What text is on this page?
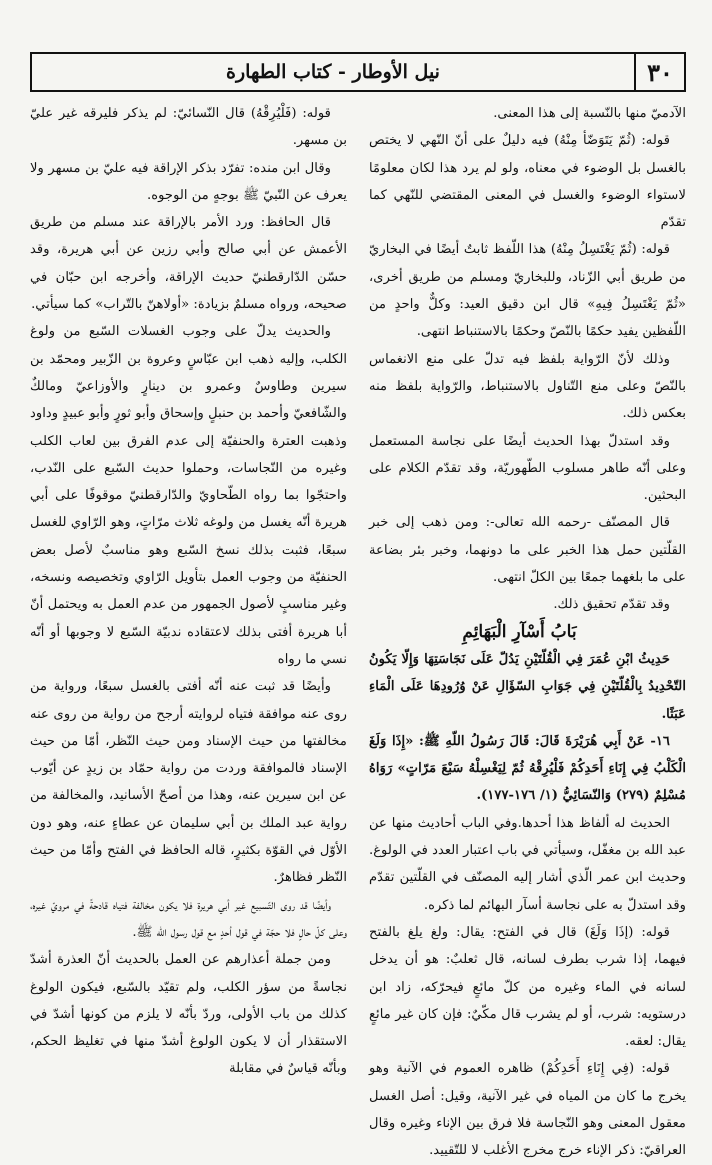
٣٠
نيل الأوطار - كتاب الطهارة

الآدميّ منها بالنّسبة إلى هذا المعنى.

قوله: (ثُمّ يَتَوَضّأ مِنْهُ) فيه دليلٌ على أنّ النّهي لا يختص بالغسل بل الوضوء في معناه، ولو لم يرد هذا لكان معلومًا لاستواء الوضوء والغسل في المعنى المقتضي للنّهي كما تقدّم

قوله: (ثُمّ يَغْتَسِلُ مِنْهُ) هذا اللّفظ ثابتٌ أيضًا في البخاريّ من طريق أبي الزّناد، وللبخاريّ ومسلم من طريق أخرى، «ثُمّ يَغْتَسِلُ فِيهِ» قال ابن دقيق العيد: وكلٌّ واحدٍ من اللّفظين يفيد حكمًا بالنّصّ وحكمًا بالاستنباط انتهى.

وذلك لأنّ الرّواية بلفظ فيه تدلّ على منع الانغماس بالنّصّ وعلى منع التّناول بالاستنباط، والرّواية بلفظ منه بعكس ذلك.

وقد استدلّ بهذا الحديث أيضًا على نجاسة المستعمل وعلى أنّه طاهر مسلوب الطّهوريّة، وقد تقدّم الكلام على البحثين.

قال المصنّف -رحمه الله تعالى-: ومن ذهب إلى خبر القلّتين حمل هذا الخبر على ما دونهما، وخبر بئر بضاعة على ما بلغهما جمعًا بين الكلّ انتهى.

وقد تقدّم تحقيق ذلك.

بَابُ أَسْآرِ الْبَهَائِمِ

حَدِيثُ ابْنِ عُمَرَ فِي الْقُلّتَيْنِ يَدُلّ عَلَى نَجَاسَتِهَا وَإِلّا يَكُونُ التّحْدِيدُ بِالْقُلّتَيْنِ فِي جَوَابِ السّؤَالِ عَنْ وُرُودِهَا عَلَى الْمَاءِ عَبَثًا.

١٦- عَنْ أَبِي هُرَيْرَةَ قَالَ: قَالَ رَسُولُ اللّهِ ﷺ: «إِذَا وَلَغَ الْكَلْبُ فِي إِنَاءِ أَحَدِكُمْ فَلْيُرِقْهُ ثُمّ لِيَغْسِلْهُ سَبْعَ مَرّاتٍ» رَوَاهُ مُسْلِمٌ (٢٧٩) وَالنّسَائِيُّ (١/ ١٧٦-١٧٧).

الحديث له ألفاظ هذا أحدها.وفي الباب أحاديث منها عن عبد الله بن مغفّل، وسيأتي في باب اعتبار العدد في الولوغ. وحديث ابن عمر الّذي أشار إليه المصنّف في القلّتين تقدّم وقد استدلّ به على نجاسة أسآر البهائم لما ذكره.

قوله: (إذَا وَلَغَ) قال في الفتح: يقال: ولغ يلغ بالفتح فيهما، إذا شرب بطرف لسانه، قال ثعلبٌ: هو أن يدخل لسانه في الماء وغيره من كلّ مائعٍ فيحرّكه، زاد ابن درستويه: شرب، أو لم يشرب قال مكّيٌ: فإن كان غير مائعٍ يقال: لعقه.

قوله: (فِي إِنَاءِ أَحَدِكُمْ) ظاهره العموم في الآنية وهو يخرج ما كان من المياه في غير الآنية، وقيل: أصل الغسل معقول المعنى وهو النّجاسة فلا فرق بين الإناء وغيره وقال العراقيّ: ذكر الإناء خرج مخرج الأغلب لا للتّقييد.

قوله: (فَلْيُرِقْهُ) قال النّسائيّ: لم يذكر فليرقه غير عليّ بن مسهر.

وقال ابن منده: تفرّد بذكر الإراقة فيه عليّ بن مسهر ولا يعرف عن النّبيّ ﷺ بوجهٍ من الوجوه.

قال الحافظ: ورد الأمر بالإراقة عند مسلم من طريق الأعمش عن أبي صالح وأبي رزين عن أبي هريرة، وقد حسّن الدّارقطنيّ حديث الإراقة، وأخرجه ابن حبّان في صحيحه، ورواه مسلمٌ بزيادة: «أولاهنّ بالتّراب» كما سيأتي.

والحديث يدلّ على وجوب الغسلات السّبع من ولوغ الكلب، وإليه ذهب ابن عبّاسٍ وعروة بن الزّبير ومحمّد بن سيرين وطاوسٌ وعمرو بن دينارٍ والأوزاعيّ ومالكٌ والشّافعيّ وأحمد بن حنبلٍ وإسحاق وأبو ثورٍ وأبو عبيدٍ وداود وذهبت العترة والحنفيّة إلى عدم الفرق بين لعاب الكلب وغيره من النّجاسات، وحملوا حديث السّبع على النّدب، واحتجّوا بما رواه الطّحاويّ والدّارقطنيّ موقوفًا على أبي هريرة أنّه يغسل من ولوغه ثلاث مرّاتٍ، وهو الرّاوي للغسل سبعًا، فثبت بذلك نسخ السّبع وهو مناسبٌ لأصل بعض الحنفيّة من وجوب العمل بتأويل الرّاوي وتخصيصه ونسخه، وغير مناسبٍ لأصول الجمهور من عدم العمل به ويحتمل أنّ أبا هريرة أفتى بذلك لاعتقاده ندبيّة السّبع لا وجوبها أو أنّه نسي ما رواه

وأيضًا قد ثبت عنه أنّه أفتى بالغسل سبعًا، ورواية من روى عنه موافقة فتياه لروايته أرجح من رواية من روى عنه مخالفتها من حيث الإسناد ومن حيث النّظر، أمّا من حيث الإسناد فالموافقة وردت من رواية حمّاد بن زيدٍ عن أيّوب عن ابن سيرين عنه، وهذا من أصحّ الأسانيد، والمخالفة من رواية عبد الملك بن أبي سليمان عن عطاءٍ عنه، وهو دون الأوّل في القوّة بكثيرٍ، قاله الحافظ في الفتح وأمّا من حيث النّظر فظاهرٌ.

وأيضًا قد روى التّسبيع غير أبي هريرة فلا يكون مخالفة فتياه قادحةً في مرويّ غيره، وعلى كلّ حالٍ فلا حجّة في قول أحدٍ مع قول رسول الله ﷺ.

ومن جملة أعذارهم عن العمل بالحديث أنّ العذرة أشدّ نجاسةً من سؤر الكلب، ولم تقيّد بالسّبع، فيكون الولوغ كذلك من باب الأولى، وردّ بأنّه لا يلزم من كونها أشدّ في الاستقذار أن لا يكون الولوغ أشدّ منها في تغليظ الحكم، وبأنّه قياسٌ في مقابلة
